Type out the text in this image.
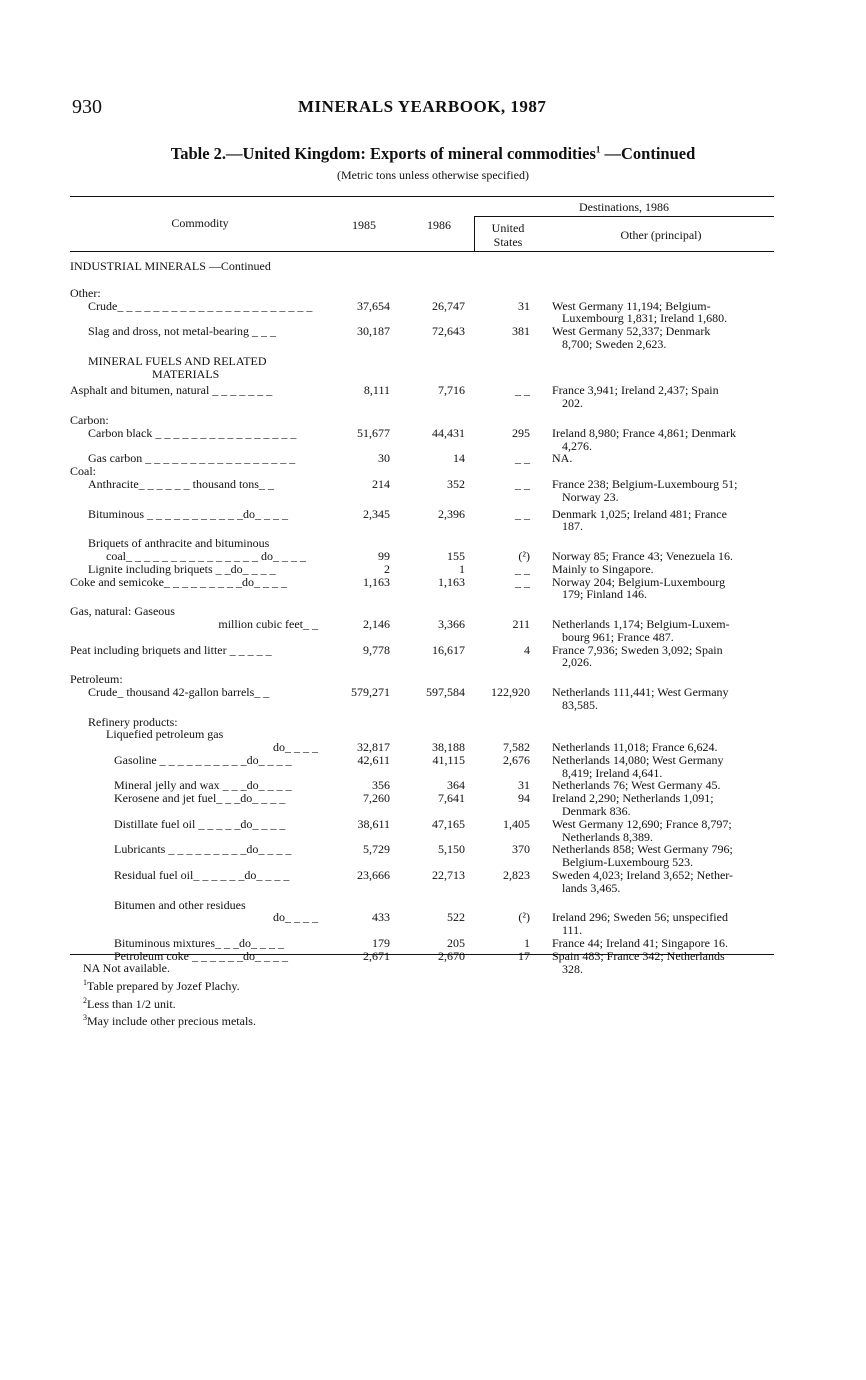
930	MINERALS YEARBOOK, 1987
Table 2.—United Kingdom: Exports of mineral commodities$^1$ —Continued
(Metric tons unless otherwise specified)
Commodity	1985	1986
Destinations, 1986
United
States	Other (principal)
INDUSTRIAL MINERALS —Continued
Other:
Crude_ _ _ _ _ _ _ _ _ _ _ _ _ _ _ _ _ _ _ _ _ _	37,654	26,747	31 West Germany 11,194; Belgium-
Luxembourg 1,831; Ireland 1,680.
Slag and dross, not metal-bearing _ _ _	30,187	72,643	381 West Germany 52,337; Denmark
8,700; Sweden 2,623.
MINERAL FUELS AND RELATED
MATERIALS
Asphalt and bitumen, natural _ _ _ _ _ _ _	8,111	7,716	_ _ France 3,941; Ireland 2,437; Spain
202.
Carbon:
Carbon black _ _ _ _ _ _ _ _ _ _ _ _ _ _ _ _	51,677	44,431	295 Ireland 8,980; France 4,861; Denmark
4,276.
Gas carbon _ _ _ _ _ _ _ _ _ _ _ _ _ _ _ _ _	30	14	_ _ NA.
Coal:
Anthracite_ _ _ _ _ _ thousand tons_ _	214	352	_ _ France 238; Belgium-Luxembourg 51;
Norway 23.
Bituminous _ _ _ _ _ _ _ _ _ _ _do_ _ _ _	2,345	2,396	_ _ Denmark 1,025; Ireland 481; France
187.
Briquets of anthracite and bituminous
coal_ _ _ _ _ _ _ _ _ _ _ _ _ _ _ do_ _ _ _	99	155	(²) Norway 85; France 43; Venezuela 16.
Lignite including briquets _ _do_ _ _ _	2	1	_ _ Mainly to Singapore.
Coke and semicoke_ _ _ _ _ _ _ _ _do_ _ _ _	1,163	1,163	_ _ Norway 204; Belgium-Luxembourg
179; Finland 146.
Gas, natural: Gaseous
million cubic feet_ _	2,146	3,366	211 Netherlands 1,174; Belgium-Luxem-
bourg 961; France 487.
Peat including briquets and litter _ _ _ _ _	9,778	16,617	4 France 7,936; Sweden 3,092; Spain
2,026.
Petroleum:
Crude_ thousand 42-gallon barrels_ _	579,271	597,584	122,920 Netherlands 111,441; West Germany
83,585.
Refinery products:
Liquefied petroleum gas
do_ _ _ _	32,817	38,188	7,582 Netherlands 11,018; France 6,624.
Gasoline _ _ _ _ _ _ _ _ _ _do_ _ _ _	42,611	41,115	2,676 Netherlands 14,080; West Germany
8,419; Ireland 4,641.
Mineral jelly and wax _ _ _do_ _ _ _	356	364	31 Netherlands 76; West Germany 45.
Kerosene and jet fuel_ _ _do_ _ _ _	7,260	7,641	94 Ireland 2,290; Netherlands 1,091;
Denmark 836.
Distillate fuel oil _ _ _ _ _do_ _ _ _	38,611	47,165	1,405 West Germany 12,690; France 8,797;
Netherlands 8,389.
Lubricants _ _ _ _ _ _ _ _ _do_ _ _ _	5,729	5,150	370 Netherlands 858; West Germany 796;
Belgium-Luxembourg 523.
Residual fuel oil_ _ _ _ _ _do_ _ _ _	23,666	22,713	2,823 Sweden 4,023; Ireland 3,652; Nether-
lands 3,465.
Bitumen and other residues
do_ _ _ _	433	522	(²) Ireland 296; Sweden 56; unspecified
111.
Bituminous mixtures_ _ _do_ _ _ _	179	205	1 France 44; Ireland 41; Singapore 16.
Petroleum coke _ _ _ _ _ _do_ _ _ _	2,671	2,670	17 Spain 483; France 342; Netherlands
328.
NA Not available.
$^1$Table prepared by Jozef Plachy.
$^2$Less than 1/2 unit.
$^3$May include other precious metals.
